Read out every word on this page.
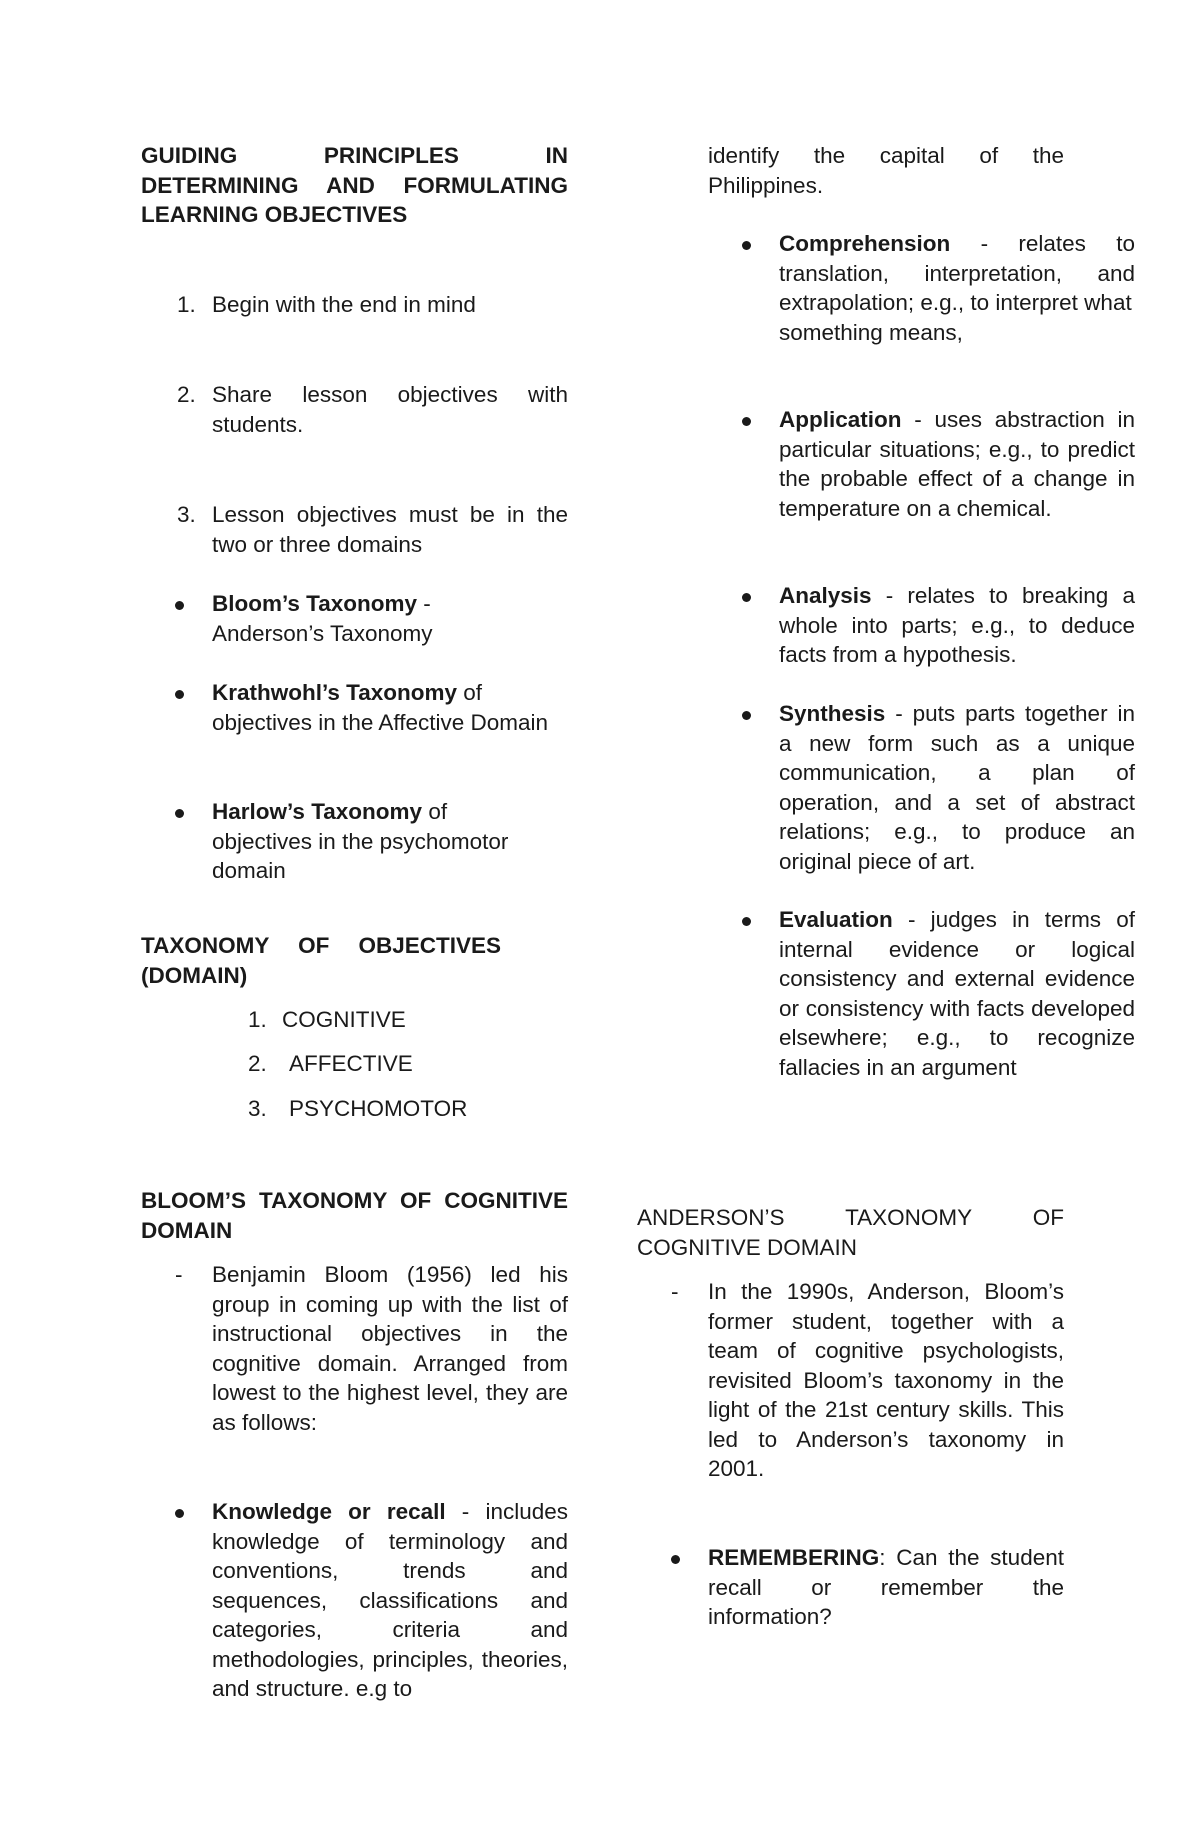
GUIDING PRINCIPLES IN DETERMINING AND FORMULATING LEARNING OBJECTIVES
1. Begin with the end in mind
2. Share lesson objectives with students.
3. Lesson objectives must be in the two or three domains
Bloom’s Taxonomy - Anderson’s Taxonomy
Krathwohl’s Taxonomy of objectives in the Affective Domain
Harlow’s Taxonomy of objectives in the psychomotor domain
TAXONOMY OF OBJECTIVES (DOMAIN)
1. COGNITIVE
2. AFFECTIVE
3. PSYCHOMOTOR
BLOOM’S TAXONOMY OF COGNITIVE DOMAIN
- Benjamin Bloom (1956) led his group in coming up with the list of instructional objectives in the cognitive domain. Arranged from lowest to the highest level, they are as follows:
Knowledge or recall - includes knowledge of terminology and conventions, trends and sequences, classifications and categories, criteria and methodologies, principles, theories, and structure. e.g to
identify the capital of the Philippines.
Comprehension - relates to translation, interpretation, and extrapolation; e.g., to interpret what
something means,
Application - uses abstraction in particular situations; e.g., to predict the probable effect of a change in temperature on a chemical.
Analysis - relates to breaking a whole into parts; e.g., to deduce facts from a hypothesis.
Synthesis - puts parts together in a new form such as a unique communication, a plan of operation, and a set of abstract relations; e.g., to produce an original piece of art.
Evaluation - judges in terms of internal evidence or logical consistency and external evidence or consistency with facts developed elsewhere; e.g., to recognize fallacies in an argument
ANDERSON’S TAXONOMY OF COGNITIVE DOMAIN
- In the 1990s, Anderson, Bloom’s former student, together with a team of cognitive psychologists, revisited Bloom’s taxonomy in the light of the 21st century skills. This led to Anderson’s taxonomy in 2001.
REMEMBERING: Can the student recall or remember the information?
